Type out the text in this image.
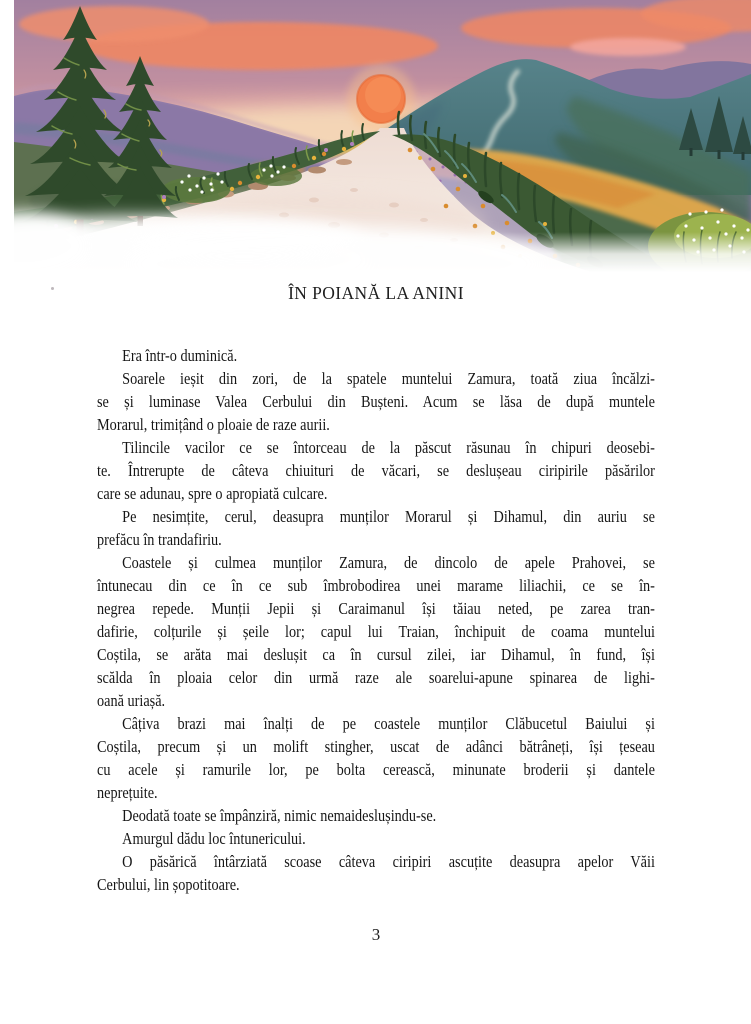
ÎN POIANĂ LA ANINI
Era într-o duminică.
Soarele ieșit din zori, de la spatele muntelui Zamura, toată ziua încălzi-
se și luminase Valea Cerbului din Bușteni. Acum se lăsa de după muntele
Morarul, trimițând o ploaie de raze aurii.
Tilincile vacilor ce se întorceau de la păscut răsunau în chipuri deosebi-
te. Întrerupte de câteva chiuituri de văcari, se deslușeau ciripirile păsărilor
care se adunau, spre o apropiată culcare.
Pe nesimțite, cerul, deasupra munților Morarul și Dihamul, din auriu se
prefăcu în trandafiriu.
Coastele și culmea munților Zamura, de dincolo de apele Prahovei, se
întunecau din ce în ce sub îmbrobodirea unei marame liliachii, ce se în-
negrea repede. Munții Jepii și Caraimanul își tăiau neted, pe zarea tran-
dafirie, colțurile și șeile lor; capul lui Traian, închipuit de coama muntelui
Coștila, se arăta mai deslușit ca în cursul zilei, iar Dihamul, în fund, își
scălda în ploaia celor din urmă raze ale soarelui-apune spinarea de lighi-
oană uriașă.
Câțiva brazi mai înalți de pe coastele munților Clăbucetul Baiului și
Coștila, precum și un molift stingher, uscat de adânci bătrâneți, își țeseau
cu acele și ramurile lor, pe bolta cerească, minunate broderii și dantele
neprețuite.
Deodată toate se împânziră, nimic nemaideslușindu-se.
Amurgul dădu loc întunericului.
O păsărică întârziată scoase câteva ciripiri ascuțite deasupra apelor Văii
Cerbului, lin șopotitoare.
3
